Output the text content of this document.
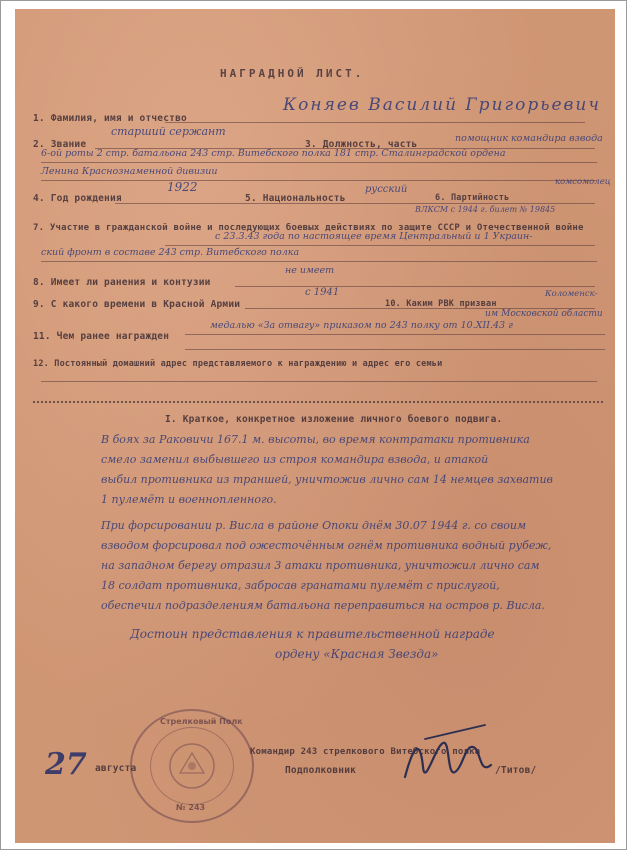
НАГРАДНОЙ ЛИСТ.
1. Фамилия, имя и отчество
Коняев Василий Григорьевич
2. Звание
старший сержант
3. Должность, часть
помощник командира взвода
6-ой роты 2 стр. батальона 243 стр. Витебского полка 181 стр. Сталинградской ордена
Ленина Краснознаменной дивизии
4. Год рождения
1922
5. Национальность
русский
6. Партийность
комсомолец
ВЛКСМ с 1944 г. билет № 19845
7. Участие в гражданской войне и последующих боевых действиях по защите СССР и Отечественной войне
с 23.3.43 года по настоящее время Центральный и 1 Украин-
ский фронт в составе 243 стр. Витебского полка
8. Имеет ли ранения и контузии
не имеет
9. С какого времени в Красной Армии
с 1941
10. Каким РВК призван
Коломенск-
им Московской области
11. Чем ранее награжден
медалью «За отвагу» приказом по 243 полку от 10.XII.43 г
12. Постоянный домашний адрес представляемого к награждению и адрес его семьи
I. Краткое, конкретное изложение личного боевого подвига.
В боях за Раковичи 167.1 м. высоты, во время контратаки противника
смело заменил выбывшего из строя командира взвода, и атакой
выбил противника из траншей, уничтожив лично сам 14 немцев захватив
1 пулемёт и военнопленного.
При форсировании р. Висла в районе Опоки днём 30.07 1944 г. со своим
взводом форсировал под ожесточённым огнём противника водный рубеж,
на западном берегу отразил 3 атаки противника, уничтожил лично сам
18 солдат противника, забросав гранатами пулемёт с прислугой,
обеспечил подразделениям батальона переправиться на остров р. Висла.
Достоин представления к правительственной награде
ордену «Красная Звезда»
Стрелковый Полк
№ 243
27 августа
Командир 243 стрелкового Витебского полка
Подполковник	/Титов/
